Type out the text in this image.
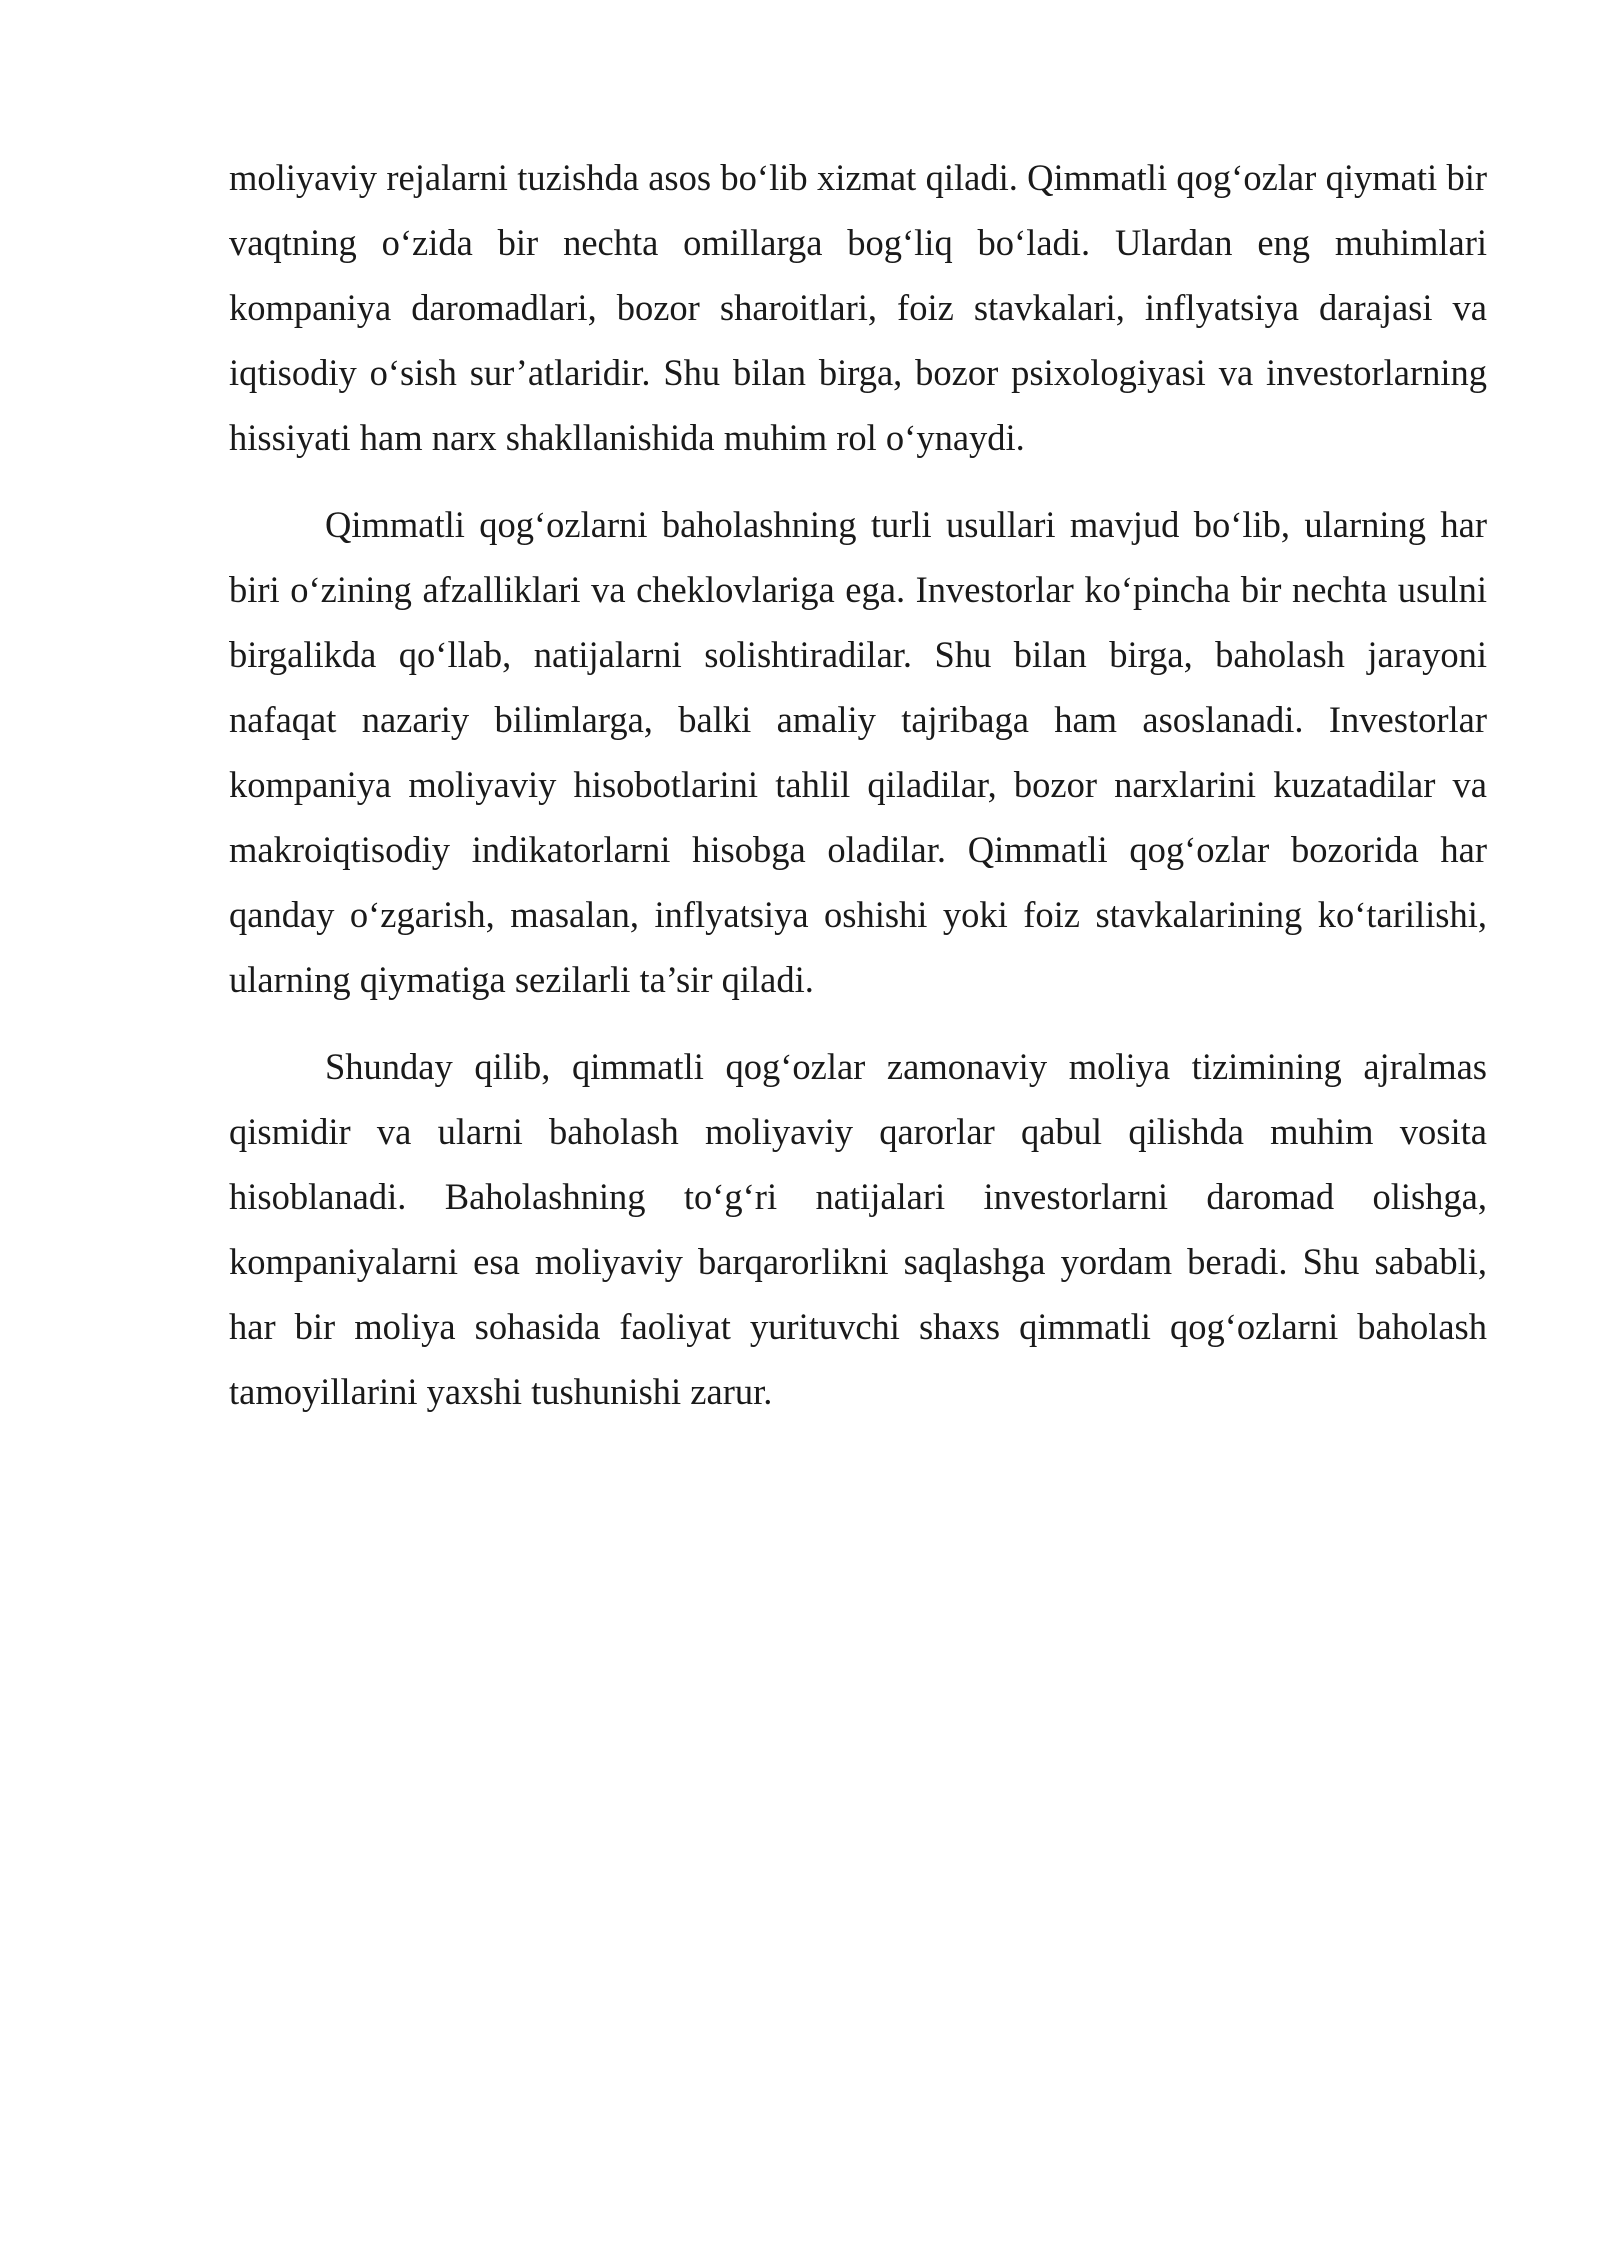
moliyaviy rejalarni tuzishda asos bo‘lib xizmat qiladi. Qimmatli qog‘ozlar qiymati bir vaqtning o‘zida bir nechta omillarga bog‘liq bo‘ladi. Ulardan eng muhimlari kompaniya daromadlari, bozor sharoitlari, foiz stavkalari, inflyatsiya darajasi va iqtisodiy o‘sish sur’atlaridir. Shu bilan birga, bozor psixologiyasi va investorlarning hissiyati ham narx shakllanishida muhim rol o‘ynaydi.

Qimmatli qog‘ozlarni baholashning turli usullari mavjud bo‘lib, ularning har biri o‘zining afzalliklari va cheklovlariga ega. Investorlar ko‘pincha bir nechta usulni birgalikda qo‘llab, natijalarni solishtiradilar. Shu bilan birga, baholash jarayoni nafaqat nazariy bilimlarga, balki amaliy tajribaga ham asoslanadi. Investorlar kompaniya moliyaviy hisobotlarini tahlil qiladilar, bozor narxlarini kuzatadilar va makroiqtisodiy indikatorlarni hisobga oladilar. Qimmatli qog‘ozlar bozorida har qanday o‘zgarish, masalan, inflyatsiya oshishi yoki foiz stavkalarining ko‘tarilishi, ularning qiymatiga sezilarli ta’sir qiladi.

Shunday qilib, qimmatli qog‘ozlar zamonaviy moliya tizimining ajralmas qismidir va ularni baholash moliyaviy qarorlar qabul qilishda muhim vosita hisoblanadi. Baholashning to‘g‘ri natijalari investorlarni daromad olishga, kompaniyalarni esa moliyaviy barqarorlikni saqlashga yordam beradi. Shu sababli, har bir moliya sohasida faoliyat yurituvchi shaxs qimmatli qog‘ozlarni baholash tamoyillarini yaxshi tushunishi zarur.
